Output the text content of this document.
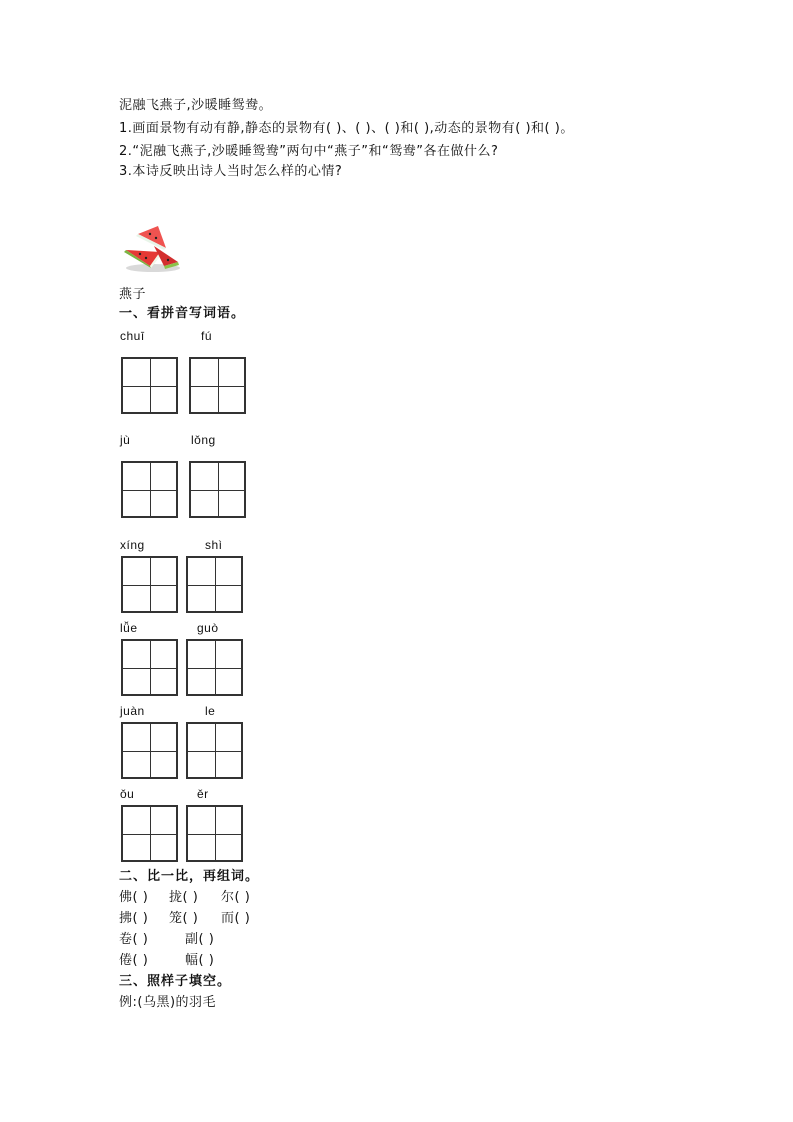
泥融飞燕子,沙暖睡鸳鸯。
1.画面景物有动有静,静态的景物有( )、( )、( )和( ),动态的景物有( )和( )。
2.“泥融飞燕子,沙暖睡鸳鸯”两句中“燕子”和“鸳鸯”各在做什么?
3.本诗反映出诗人当时怎么样的心情?
燕子
一、看拼音写词语。
chuī	fú
jù	lǒng
xíng	shì
lǚe	guò
juàn	le
ǒu	ěr
二、比一比，再组词。
佛( ) 拢( ) 尔( )
拂( ) 笼( ) 而( )
卷( )	副( )
倦( )	幅( )
三、照样子填空。
例:(乌黑)的羽毛
